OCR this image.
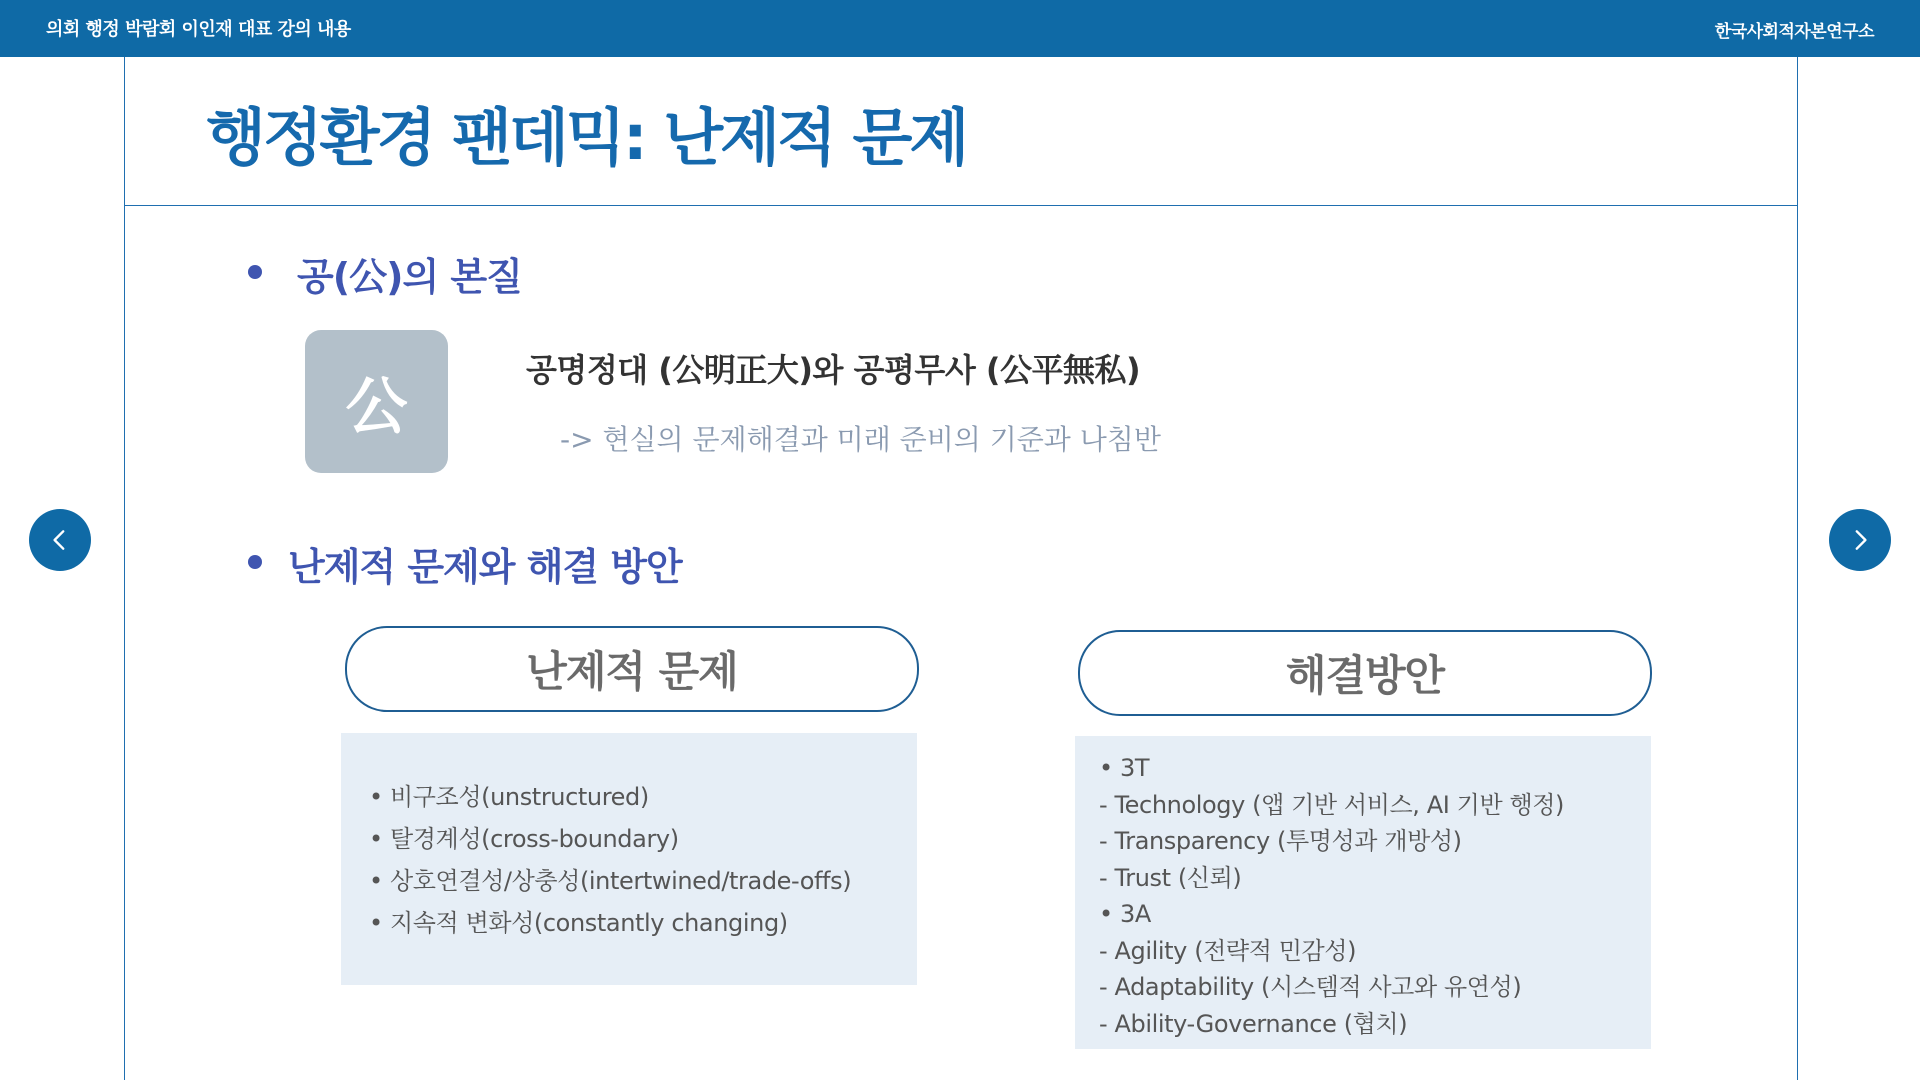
의회 행정 박람회 이인재 대표 강의 내용	한국사회적자본연구소
행정환경 팬데믹: 난제적 문제
공(公)의 본질
公	공명정대 (公明正大)와 공평무사 (公平無私)
-> 현실의 문제해결과 미래 준비의 기준과 나침반
난제적 문제와 해결 방안
난제적 문제	해결방안
• 비구조성(unstructured)
• 탈경계성(cross-boundary)
• 상호연결성/상충성(intertwined/trade-offs)
• 지속적 변화성(constantly changing)
• 3T
- Technology (앱 기반 서비스, AI 기반 행정)
- Transparency (투명성과 개방성)
- Trust (신뢰)
• 3A
- Agility (전략적 민감성)
- Adaptability (시스템적 사고와 유연성)
- Ability-Governance (협치)
